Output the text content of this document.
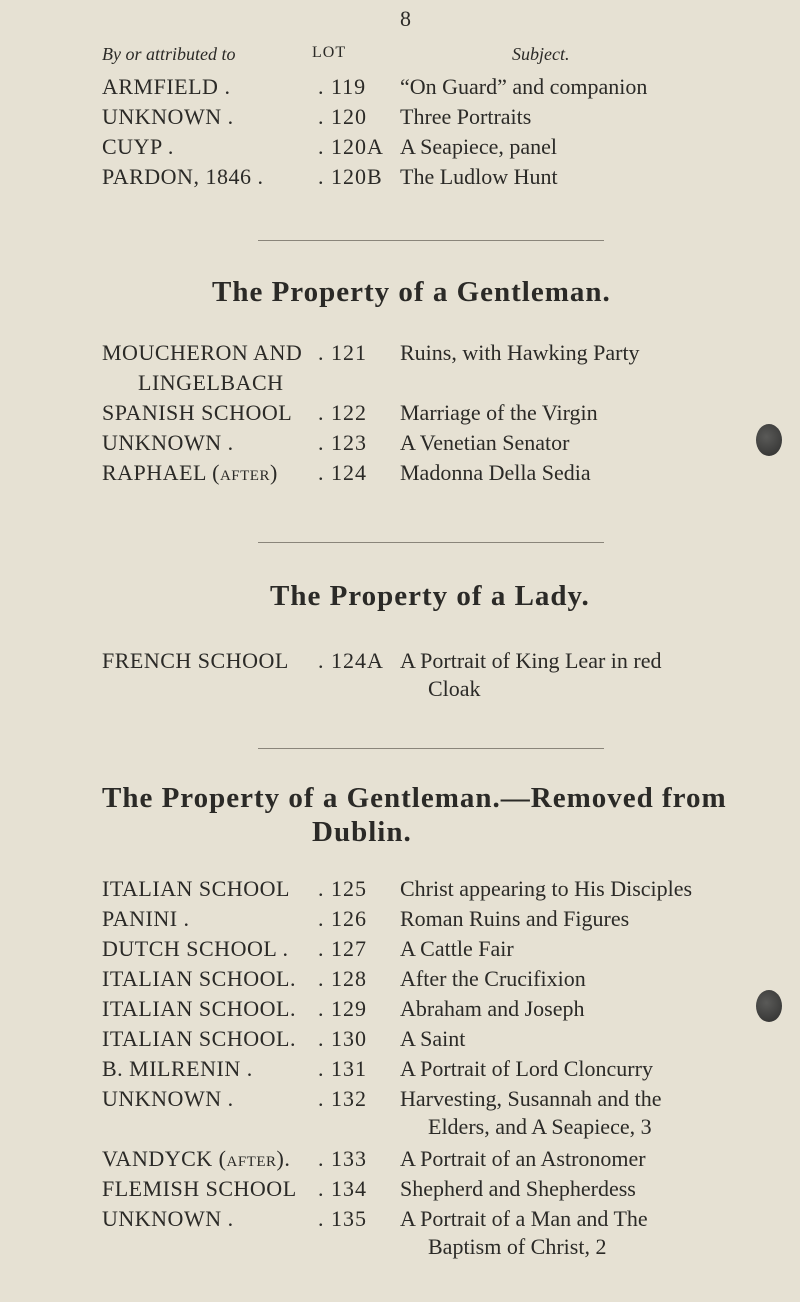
8
By or attributed to	LOT	Subject.
ARMFIELD .	. 119 “On Guard” and companion
UNKNOWN .	. 120 Three Portraits
CUYP .	. 120A A Seapiece, panel
PARDON, 1846 . . 120B The Ludlow Hunt
The Property of a Gentleman.
MOUCHERON AND
LINGELBACH
. 121 Ruins, with Hawking Party
SPANISH SCHOOL . 122 Marriage of the Virgin
UNKNOWN .	. 123 A Venetian Senator
RAPHAEL (after) . 124 Madonna Della Sedia
The Property of a Lady.
FRENCH SCHOOL . 124A A Portrait of King Lear in red
Cloak
The Property of a Gentleman.—Removed from
Dublin.
ITALIAN SCHOOL . 125 Christ appearing to His Disciples
PANINI .	. 126 Roman Ruins and Figures
DUTCH SCHOOL . . 127 A Cattle Fair
ITALIAN SCHOOL. . 128 After the Crucifixion
ITALIAN SCHOOL. . 129 Abraham and Joseph
ITALIAN SCHOOL. . 130 A Saint
B. MILRENIN .	. 131 A Portrait of Lord Cloncurry
UNKNOWN .	. 132 Harvesting, Susannah and the
Elders, and A Seapiece, 3
VANDYCK (after). . 133 A Portrait of an Astronomer
FLEMISH SCHOOL . 134 Shepherd and Shepherdess
UNKNOWN .	. 135 A Portrait of a Man and The
Baptism of Christ, 2
